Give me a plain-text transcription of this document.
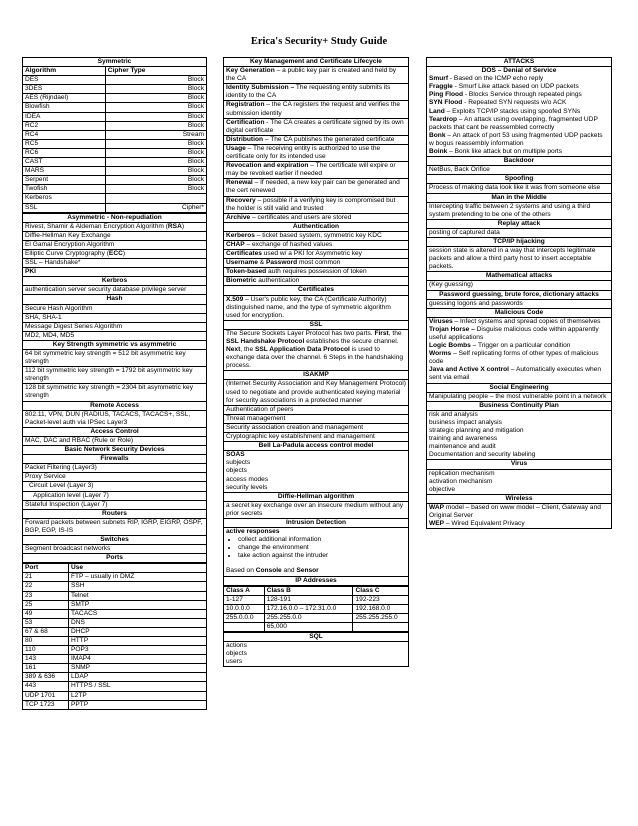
Erica's Security+ Study Guide
Symmetric	
Algorithm	Cipher Type
DES	Block
3DES	Block
AES (Rijndael)	Block
Blowfish	Block
IDEA	Block
RC2	Block
RC4	Stream
RC5	Block
RC6	Block
CAST	Block
MARS	Block
Serpent	Block
Twofish	Block
Kerberos	
SSL	Cipher*
Asymmetric - Non-repudiation
Rivest, Shamir & Aldeman Encryption Algorithm (RSA)
Diffie-Hellman Key Exchange
El Gamal Encryption Algorithm
Elliptic Curve Cryptography (ECC)
SSL – Handshake*
PKI
Kerbros
authentication server security database privilege server
Hash
Secure Hash Algorithm
SHA, SHA-1
Message Digest Series Algorithm
MD2, MD4, MD5
Key Strength symmetric vs asymmetric
64 bit symmetric key strength = 512 bit asymmetric key strength
112 bit symmetric key strength = 1792 bit asymmetric key strength
128 bit symmetric key strength = 2304 bit asymmetric key strength
Remote Access
802.11, VPN, DUN (RADIUS, TACACS, TACACS+, SSL, Packet-level auth via IPSec Layer3
Access Control
MAC, DAC and RBAC (Rule or Role)
Basic Network Security Devices
Firewalls
Packet Filtering (Layer3)
Proxy Service
Circuit Level (Layer 3)
Application level (Layer 7)
Stateful Inspection (Layer 7)
Routers
Forward packets between subnets RIP, IGRP, EIGRP, OSPF, BGP, EGP, IS-IS
Switches
Segment broadcast networks
Ports
Port	Use
21	FTP – usually in DMZ
22	SSH
23	Telnet
25	SMTP
49	TACACS
53	DNS
67 & 68	DHCP
80	HTTP
110	POP3
143	IMAP4
161	SNMP
389 & 636	LDAP
443	HTTPS / SSL
UDP 1701	L2TP
TCP 1723	PPTP
Key Management and Certificate Lifecycle
Key Generation – a public key pair is created and held by the CA
Identity Submission – The requesting entity submits its identity to the CA
Registration – the CA registers the request and verifies the submission identity
Certification - The CA creates a certificate signed by its own digital certificate
Distribution – The CA publishes the generated certificate
Usage – The receiving entity is authorized to use the certificate only for its intended use
Revocation and expiration – The certificate will expire or may be revoked earlier if needed
Renewal – If needed, a new key pair can be generated and the cert renewed
Recovery – possible if a verifying key is compromised but the holder is still valid and trusted
Archive – certificates and users are stored
Authentication
Kerberos – ticket based system, symmetric key KDC
CHAP – exchange of hashed values
Certificates used w/ a PKI for Asymmetric key
Username & Password most common
Token-based auth requires possession of token
Biometric authentication
Certificates
X.509 – User's public key, the CA (Certificate Authority) distinguished name, and the type of symmetric algorithm used for encryption.
SSL
The Secure Sockets Layer Protocol has two parts. First, the SSL Handshake Protocol establishes the secure channel. Next, the SSL Application Data Protocol is used to exchange data over the channel. 6 Steps in the handshaking process.
ISAKMP
(Internet Security Association and Key Management Protocol) used to negotiate and provide authenticated keying material for security associations in a protected manner
Authentication of peers
Threat management
Security association creation and management
Cryptographic key establishment and management
Bell La-Padula access control model

SOAS
subjects
objects
access modes
security levels

Diffie-Hellman algorithm
a secret key exchange over an insecure medium without any prior secrets
Intrusion Detection

active responses
• collect additional information
• change the environment
• take action against the intruder
Based on Console and Sensor

IP Addresses
Class A	Class B	Class C
1-127	128-191	192-223
10.0.0.0	172.16.0.0 – 172.31.0.0	192.168.0.0
255.0.0.0	255.255.0.0	255.255.255.0
	65,000	
SQL

actions
objects
users
ATTACKS

DOS – Denial of Service
Smurf - Based on the ICMP echo reply
Fraggle - Smurf Like attack based on UDP packets
Ping Flood - Blocks Service through repeated pings
SYN Flood - Repeated SYN requests w/o ACK
Land – Exploits TCP/IP stacks using spoofed SYNs
Teardrop – An attack using overlapping, fragmented UDP packets that cant be reassembled correctly
Bonk – An attack of port 53 using fragmented UDP packets w bogus reassembly information
Boink – Bonk like attack but on multiple ports

Backdoor
NetBus, Back Orifice
Spoofing
Process of making data look like it was from someone else
Man in the Middle
Intercepting traffic between 2 systems and using a third system pretending to be one of the others
Replay attack
posting of captured data
TCP/IP hijacking
session state is altered in a way that intercepts legitimate packets and allow a third party host to insert acceptable packets.
Mathematical attacks
(Key guessing)
Password guessing, brute force, dictionary attacks
guessing logons and passwords
Malicious Code

Viruses – Infect systems and spread copies of themselves
Trojan Horse – Disguise malicious code within apparently useful applications
Logic Bombs – Trigger on a particular condition
Worms – Self replicating forms of other types of malicious code
Java and Active X control – Automatically executes when sent via email

Social Engineering
Manipulating people – the most vulnerable point in a network
Business Continuity Plan

risk and analysis
business impact analysis
strategic planning and mitigation
training and awareness
maintenance and audit
Documentation and security labeling

Virus

replication mechanism
activation mechanism
objective

Wireless

WAP model – based on www model – Client, Gateway and Original Server
WEP – Wired Equivalent Privacy
